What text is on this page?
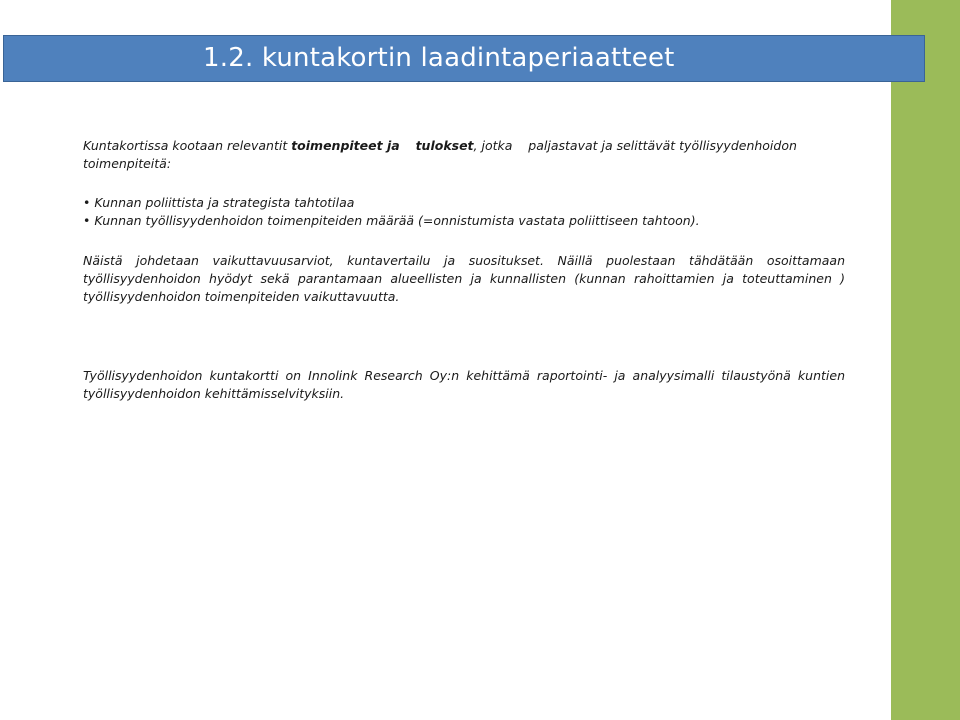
1.2. kuntakortin laadintaperiaatteet
Kuntakortissa kootaan relevantit toimenpiteet ja tulokset, jotka    paljastavat ja selittävät työllisyydenhoidon
toimenpiteitä:
• Kunnan poliittista ja strategista tahtotilaa
• Kunnan työllisyydenhoidon toimenpiteiden määrää (=onnistumista vastata poliittiseen tahtoon).
Näistä johdetaan vaikuttavuusarviot, kuntavertailu ja suositukset. Näillä puolestaan tähdätään osoittamaan
työllisyydenhoidon hyödyt sekä parantamaan alueellisten ja kunnallisten (kunnan rahoittamien ja toteuttaminen )
työllisyydenhoidon toimenpiteiden vaikuttavuutta.
Työllisyydenhoidon kuntakortti on Innolink Research Oy:n kehittämä raportointi- ja analyysimalli tilaustyönä kuntien
työllisyydenhoidon kehittämisselvityksiin.
